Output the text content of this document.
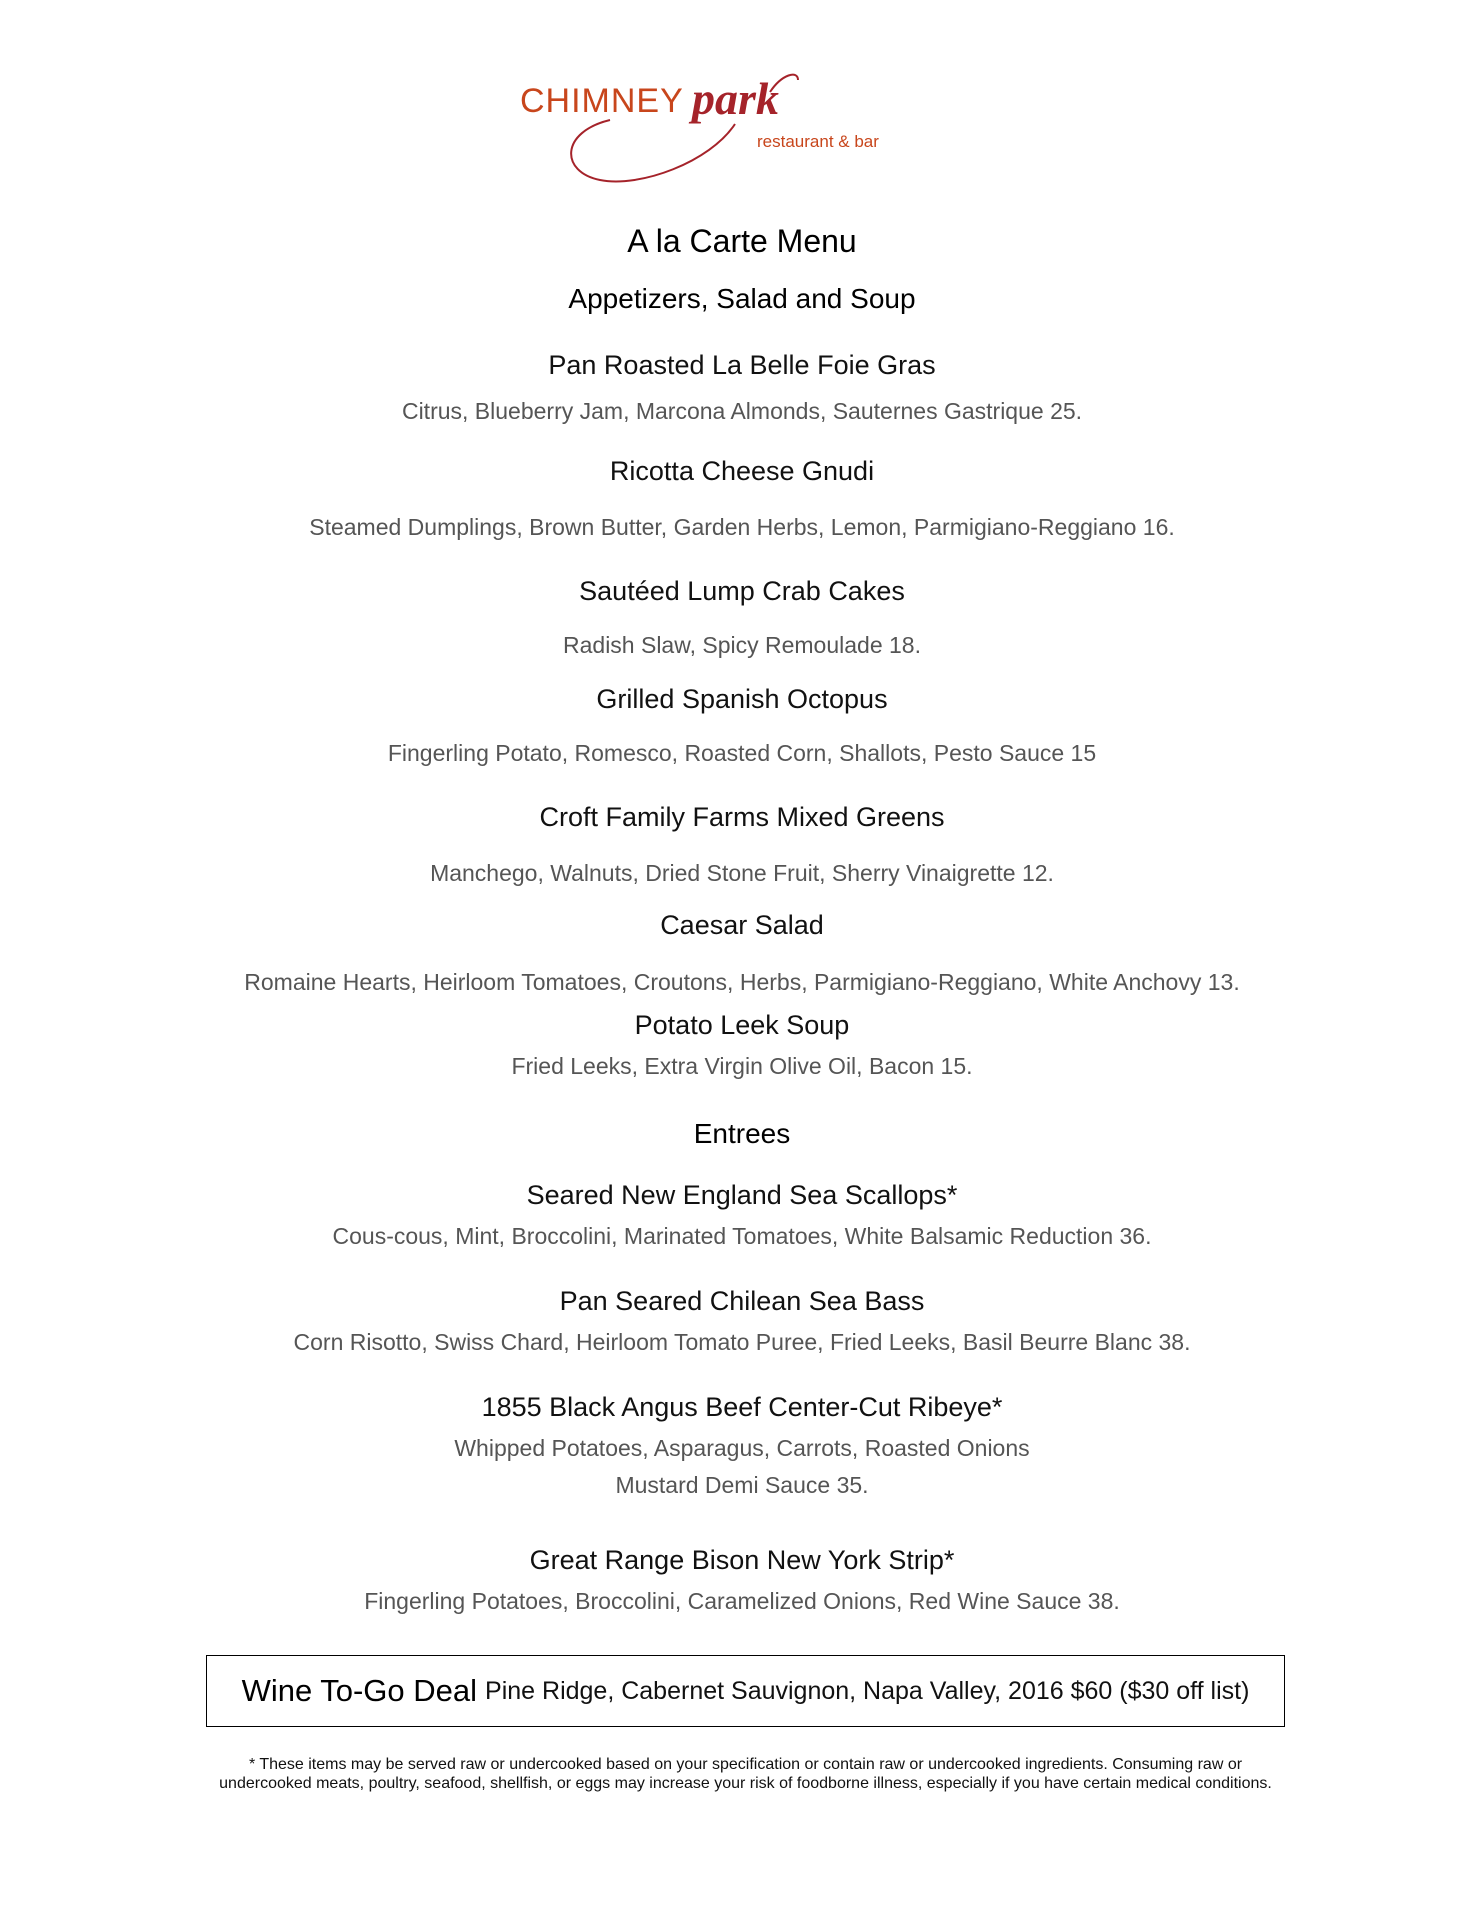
CHIMNEY park
restaurant & bar
A la Carte Menu
Appetizers, Salad and Soup
Pan Roasted La Belle Foie Gras
Citrus, Blueberry Jam, Marcona Almonds, Sauternes Gastrique 25.
Ricotta Cheese Gnudi
Steamed Dumplings, Brown Butter, Garden Herbs, Lemon, Parmigiano-Reggiano 16.
Sautéed Lump Crab Cakes
Radish Slaw, Spicy Remoulade 18.
Grilled Spanish Octopus
Fingerling Potato, Romesco, Roasted Corn, Shallots, Pesto Sauce 15
Croft Family Farms Mixed Greens
Manchego, Walnuts, Dried Stone Fruit, Sherry Vinaigrette 12.
Caesar Salad
Romaine Hearts, Heirloom Tomatoes, Croutons, Herbs, Parmigiano-Reggiano, White Anchovy 13.
Potato Leek Soup
Fried Leeks, Extra Virgin Olive Oil, Bacon 15.
Entrees
Seared New England Sea Scallops*
Cous-cous, Mint, Broccolini, Marinated Tomatoes, White Balsamic Reduction 36.
Pan Seared Chilean Sea Bass
Corn Risotto, Swiss Chard, Heirloom Tomato Puree, Fried Leeks, Basil Beurre Blanc 38.
1855 Black Angus Beef Center-Cut Ribeye*
Whipped Potatoes, Asparagus, Carrots, Roasted Onions
Mustard Demi Sauce 35.
Great Range Bison New York Strip*
Fingerling Potatoes, Broccolini, Caramelized Onions, Red Wine Sauce 38.
Wine To-Go Deal Pine Ridge, Cabernet Sauvignon, Napa Valley, 2016 $60 ($30 off list)
* These items may be served raw or undercooked based on your specification or contain raw or undercooked ingredients. Consuming raw or undercooked meats, poultry, seafood, shellfish, or eggs may increase your risk of foodborne illness, especially if you have certain medical conditions.
